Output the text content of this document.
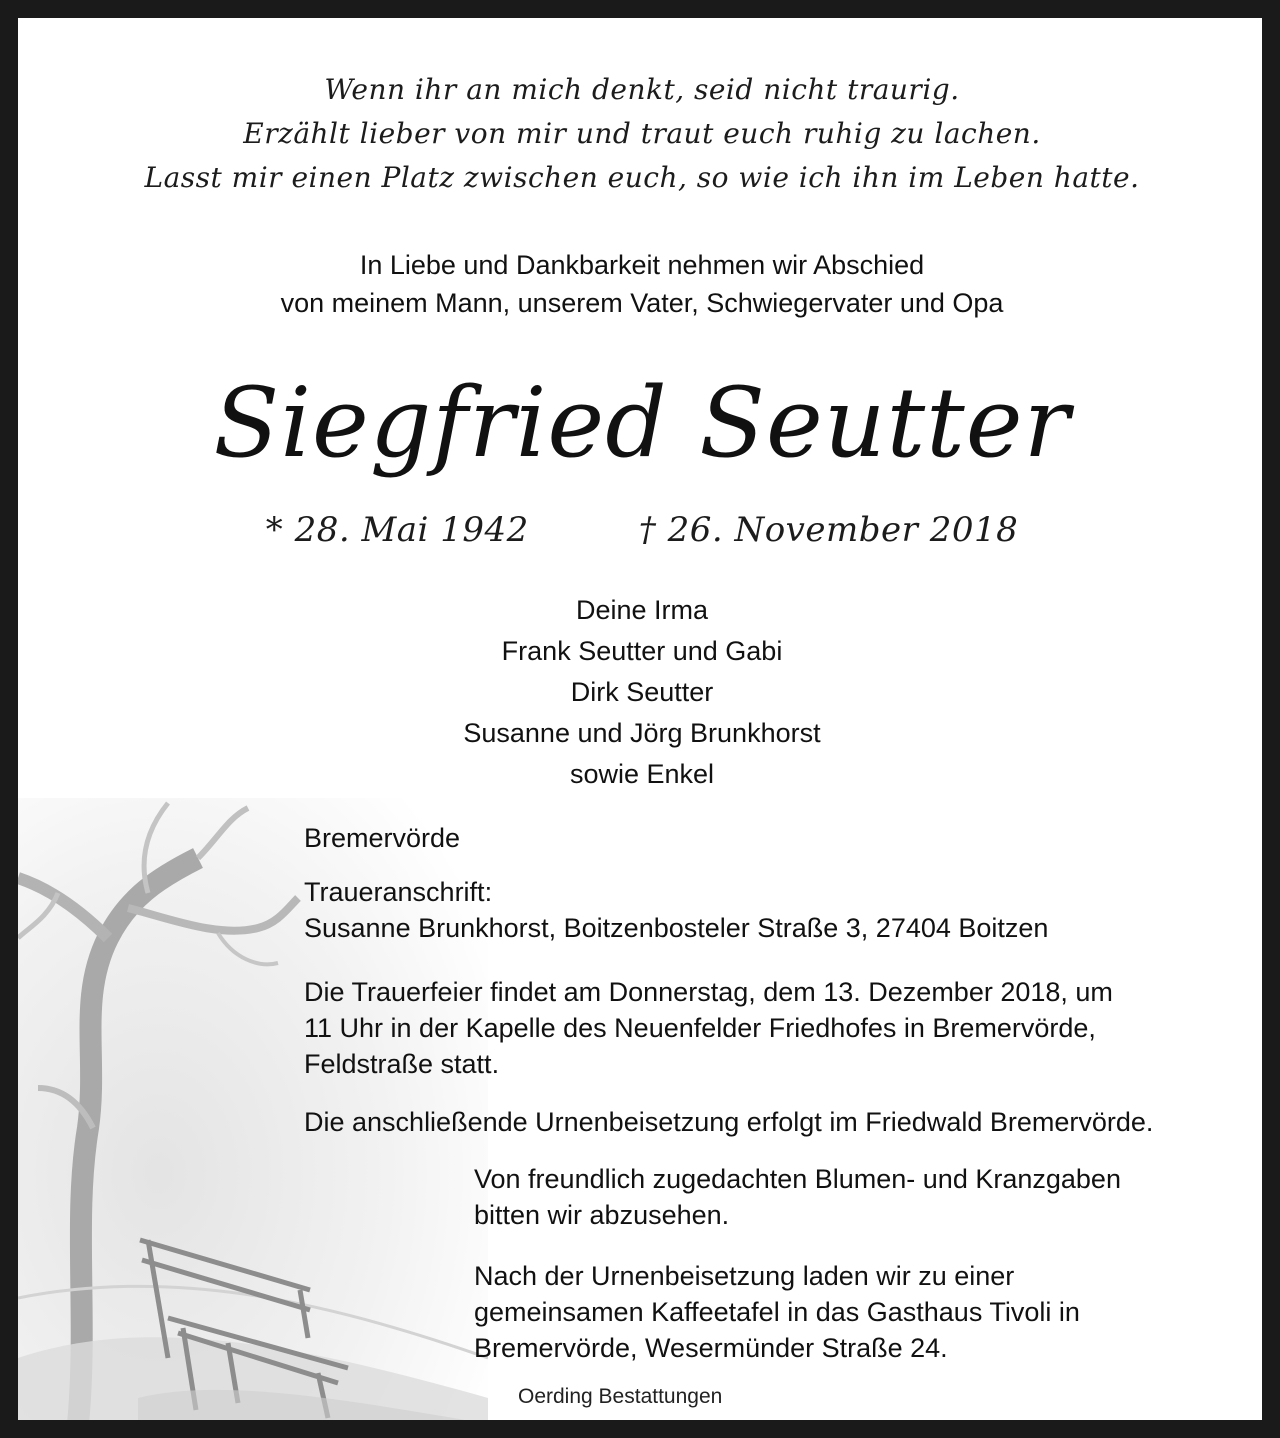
Wenn ihr an mich denkt, seid nicht traurig.
Erzählt lieber von mir und traut euch ruhig zu lachen.
Lasst mir einen Platz zwischen euch, so wie ich ihn im Leben hatte.
In Liebe und Dankbarkeit nehmen wir Abschied
von meinem Mann, unserem Vater, Schwiegervater und Opa
Siegfried Seutter
* 28. Mai 1942	† 26. November 2018
Deine Irma
Frank Seutter und Gabi
Dirk Seutter
Susanne und Jörg Brunkhorst
sowie Enkel
Bremervörde
Traueranschrift:
Susanne Brunkhorst, Boitzenbosteler Straße 3, 27404 Boitzen
Die Trauerfeier findet am Donnerstag, dem 13. Dezember 2018, um
11 Uhr in der Kapelle des Neuenfelder Friedhofes in Bremervörde,
Feldstraße statt.
Die anschließende Urnenbeisetzung erfolgt im Friedwald Bremervörde.
Von freundlich zugedachten Blumen- und Kranzgaben
bitten wir abzusehen.
Nach der Urnenbeisetzung laden wir zu einer
gemeinsamen Kaffeetafel in das Gasthaus Tivoli in
Bremervörde, Wesermünder Straße 24.
Oerding Bestattungen
